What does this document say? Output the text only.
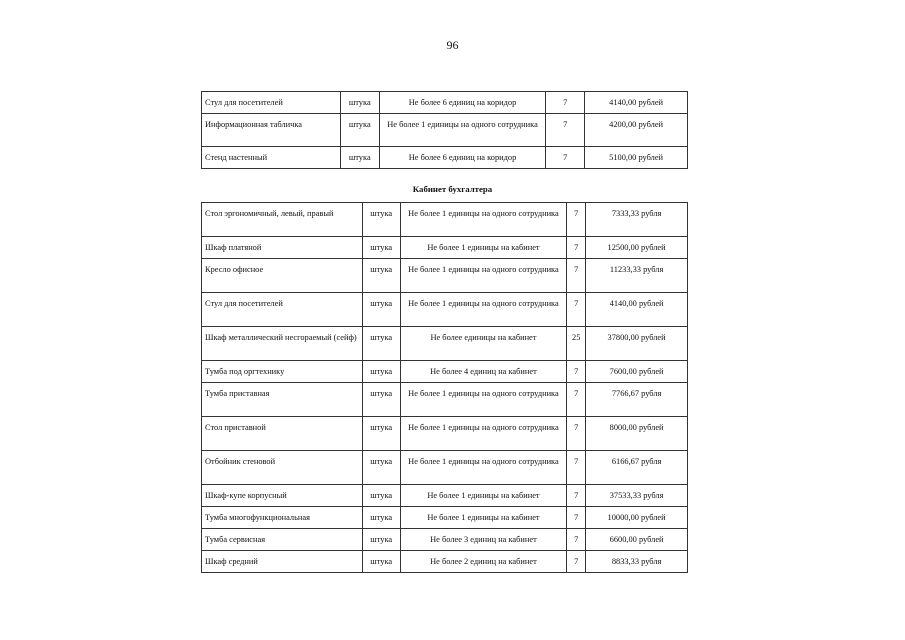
96
Стул для посетителей	штука	Не более 6 единиц на коридор	7	4140,00 рублей
Информационная табличка	штука	Не более 1 единицы на одного сотрудника	7	4200,00 рублей
Стенд настенный	штука	Не более 6 единиц на коридор	7	5100,00 рублей
Кабинет бухгалтера
Стол эргономичный, левый, правый	штука	Не более 1 единицы на одного сотрудника	7	7333,33 рубля
Шкаф платяной	штука	Не более 1 единицы на кабинет	7	12500,00 рублей
Кресло офисное	штука	Не более 1 единицы на одного сотрудника	7	11233,33 рубля
Стул для посетителей	штука	Не более 1 единицы на одного сотрудника	7	4140,00 рублей
Шкаф металлический несгораемый (сейф)	штука	Не более единицы на кабинет	25	37800,00 рублей
Тумба под оргтехнику	штука	Не более 4 единиц на кабинет	7	7600,00 рублей
Тумба приставная	штука	Не более 1 единицы на одного сотрудника	7	7766,67 рубля
Стол приставной	штука	Не более 1 единицы на одного сотрудника	7	8000,00 рублей
Отбойник стеновой	штука	Не более 1 единицы на одного сотрудника	7	6166,67 рубля
Шкаф-купе корпусный	штука	Не более 1 единицы на кабинет	7	37533,33 рубля
Тумба многофункциональная	штука	Не более 1 единицы на кабинет	7	10000,00 рублей
Тумба сервисная	штука	Не более 3 единиц на кабинет	7	6600,00 рублей
Шкаф средний	штука	Не более 2 единиц на кабинет	7	8833,33 рубля
